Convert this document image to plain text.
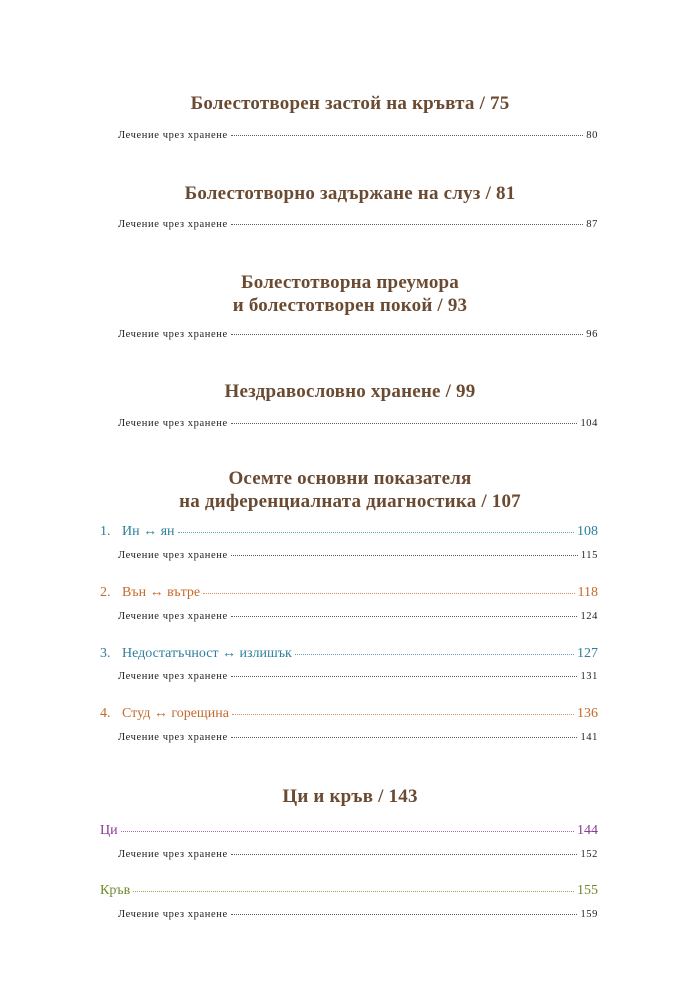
Болестотворен застой на кръвта / 75
Лечение чрез хранене	80
Болестотворно задържане на слуз / 81
Лечение чрез хранене	87
Болестотворна преумора
и болестотворен покой / 93
Лечение чрез хранене	96
Нездравословно хранене / 99
Лечение чрез хранене	104
Осемте основни показателя
на диференциалната диагностика / 107
1. Ин ↔ ян	108
Лечение чрез хранене	115
2. Вън ↔ вътре	118
Лечение чрез хранене	124
3. Недостатъчност ↔ излишък	127
Лечение чрез хранене	131
4. Студ ↔ горещина	136
Лечение чрез хранене	141
Ци и кръв / 143
Ци	144
Лечение чрез хранене	152
Кръв	155
Лечение чрез хранене	159
